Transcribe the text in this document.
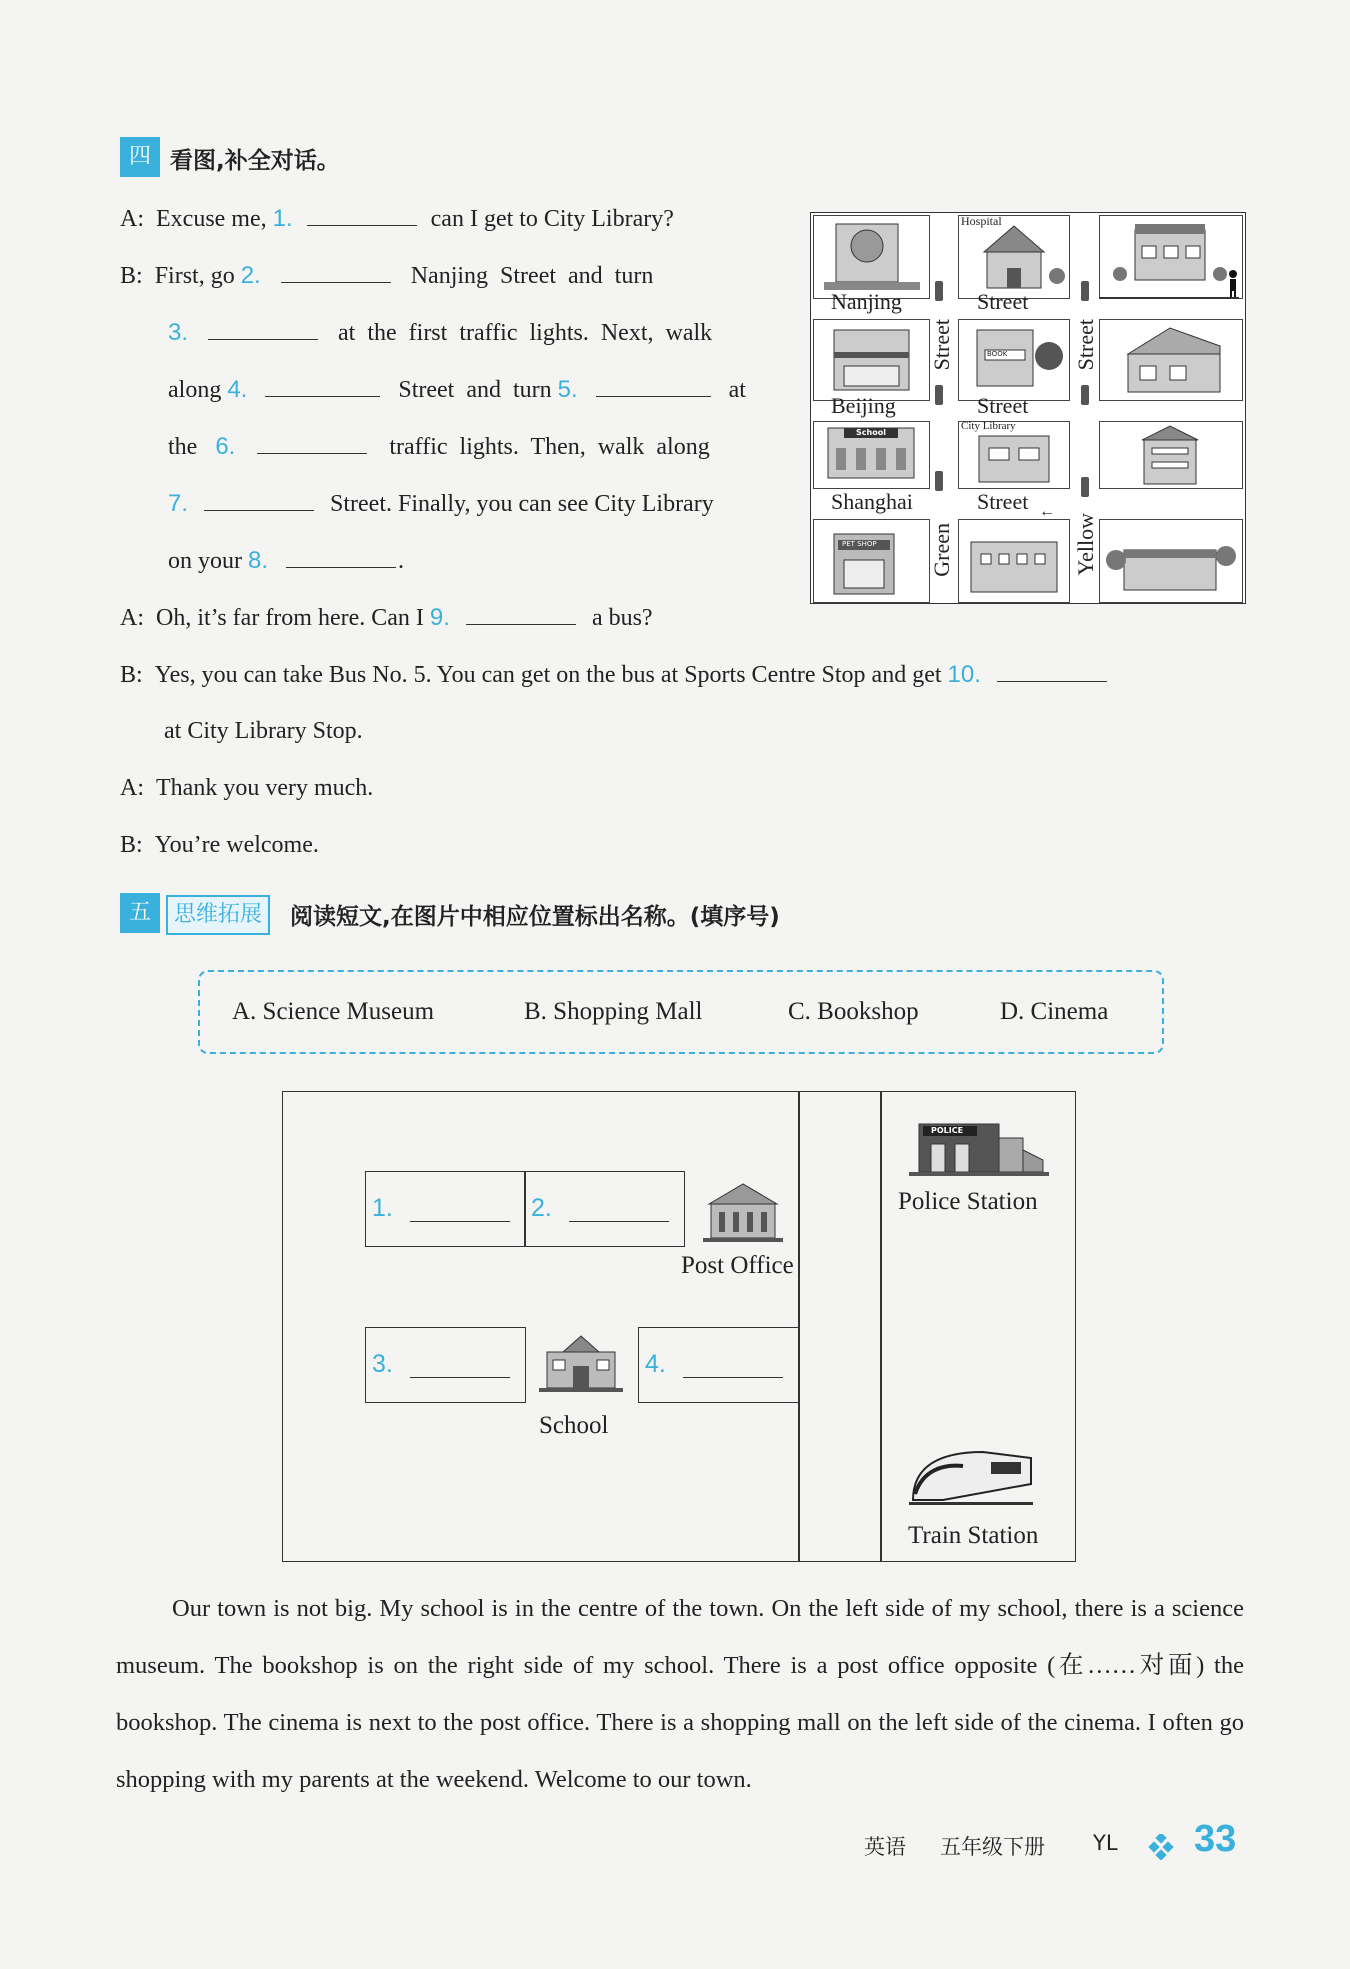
四 看图,补全对话。
A: Excuse me, 1.	can I get to City Library?
B: First, go 2.	Nanjing  Street  and  turn
3.	at  the  first  traffic  lights.  Next,  walk
along 4.	Street  and  turn 5.	at
the 6.	traffic  lights.  Then,  walk  along
7.	Street. Finally, you can see City Library
on your 8.	.
A: Oh, it’s far from here. Can I 9.	a bus?
B: Yes, you can take Bus No. 5. You can get on the bus at Sports Centre Stop and get 10.
at City Library Stop.
A: Thank you very much.
B: You’re welcome.
Hospital
BOOK
School
City Library
PET SHOP
Nanjing	Street
Beijing	Street
Shanghai	Street ←
Green
Street
Yellow
Street
五	思维拓展	阅读短文,在图片中相应位置标出名称。(填序号)
A. Science Museum	B. Shopping Mall	C. Bookshop	D. Cinema
1.	2.
Post Office
3.	4.
School
POLICE
Police Station
Train Station
Our town is not big. My school is in the centre of the town. On the left side of my school, there is a science museum. The bookshop is on the right side of my school. There is a post office opposite (在……对面) the bookshop. The cinema is next to the post office. There is a shopping mall on the left side of the cinema. I often go shopping with my parents at the weekend. Welcome to our town.
英语 五年级下册 YL 33
